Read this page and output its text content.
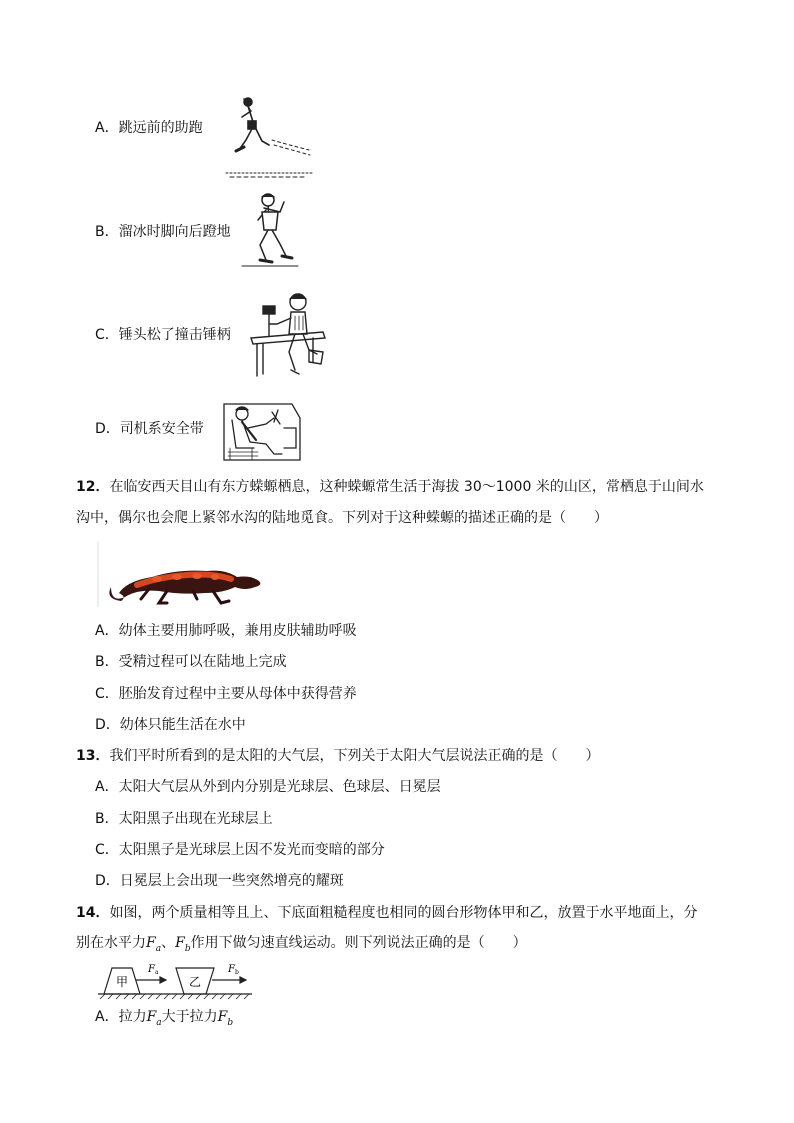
A．跳远前的助跑
B．溜冰时脚向后蹬地
C．锤头松了撞击锤柄
D．司机系安全带
12．在临安西天目山有东方蝾螈栖息，这种蝾螈常生活于海拔 30～1000 米的山区，常栖息于山间水
沟中，偶尔也会爬上紧邻水沟的陆地觅食。下列对于这种蝾螈的描述正确的是（　　）
A．幼体主要用肺呼吸，兼用皮肤辅助呼吸
B．受精过程可以在陆地上完成
C．胚胎发育过程中主要从母体中获得营养
D．幼体只能生活在水中
13．我们平时所看到的是太阳的大气层，下列关于太阳大气层说法正确的是（　　）
A．太阳大气层从外到内分别是光球层、色球层、日冕层
B．太阳黑子出现在光球层上
C．太阳黑子是光球层上因不发光而变暗的部分
D．日冕层上会出现一些突然增亮的耀斑
14．如图，两个质量相等且上、下底面粗糙程度也相同的圆台形物体甲和乙，放置于水平地面上，分
别在水平力$F_a$、$F_b$作用下做匀速直线运动。则下列说法正确的是（　　）
甲	乙
F a	F b
A．拉力$F_a$大于拉力$F_b$
